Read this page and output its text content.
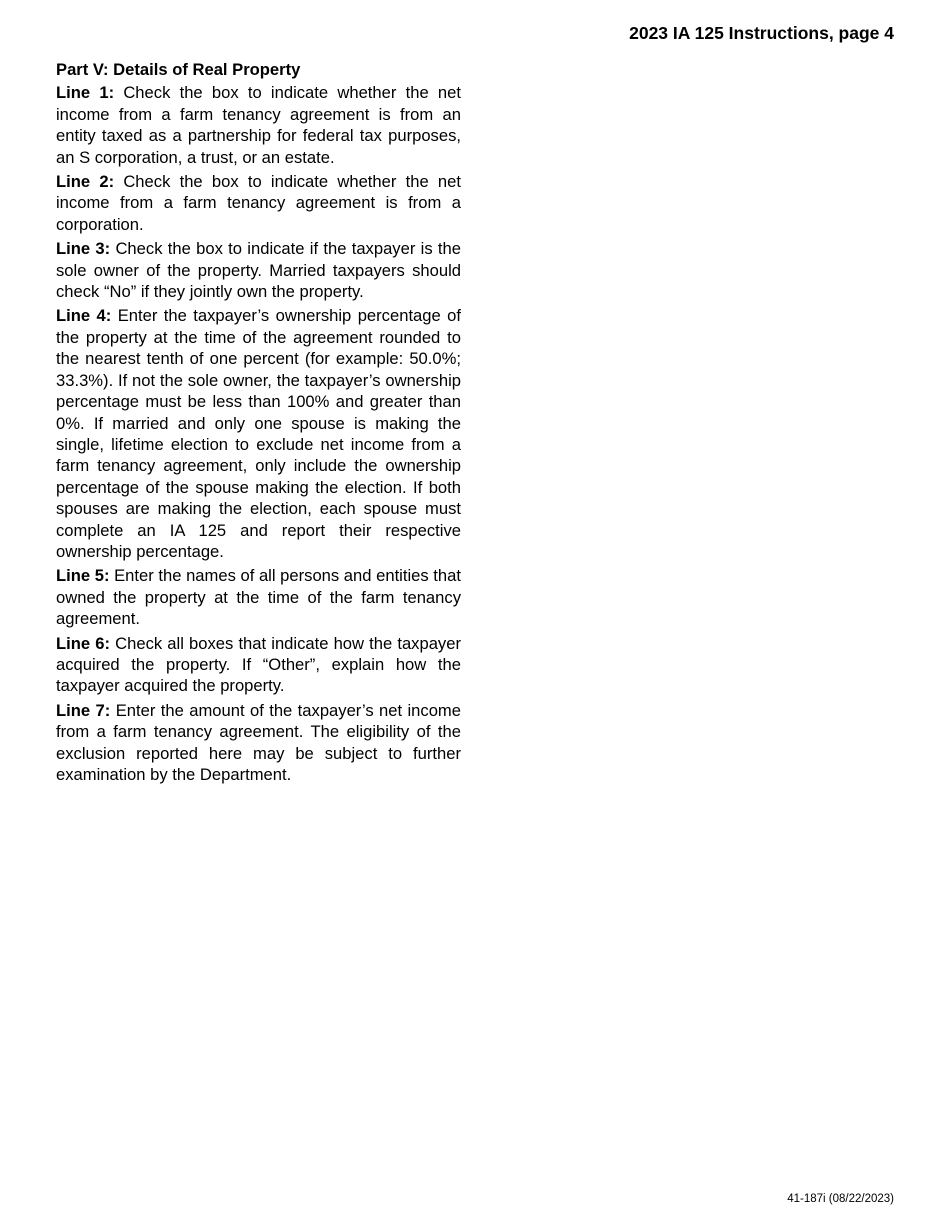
2023 IA 125 Instructions, page 4
Part V: Details of Real Property

Line 1: Check the box to indicate whether the net income from a farm tenancy agreement is from an entity taxed as a partnership for federal tax purposes, an S corporation, a trust, or an estate.

Line 2: Check the box to indicate whether the net income from a farm tenancy agreement is from a corporation.

Line 3: Check the box to indicate if the taxpayer is the sole owner of the property. Married taxpayers should check “No” if they jointly own the property.

Line 4: Enter the taxpayer’s ownership percentage of the property at the time of the agreement rounded to the nearest tenth of one percent (for example: 50.0%; 33.3%). If not the sole owner, the taxpayer’s ownership percentage must be less than 100% and greater than 0%. If married and only one spouse is making the single, lifetime election to exclude net income from a farm tenancy agreement, only include the ownership percentage of the spouse making the election. If both spouses are making the election, each spouse must complete an IA 125 and report their respective ownership percentage.

Line 5: Enter the names of all persons and entities that owned the property at the time of the farm tenancy agreement.

Line 6: Check all boxes that indicate how the taxpayer acquired the property. If “Other”, explain how the taxpayer acquired the property.

Line 7: Enter the amount of the taxpayer’s net income from a farm tenancy agreement. The eligibility of the exclusion reported here may be subject to further examination by the Department.

41-187i (08/22/2023)
